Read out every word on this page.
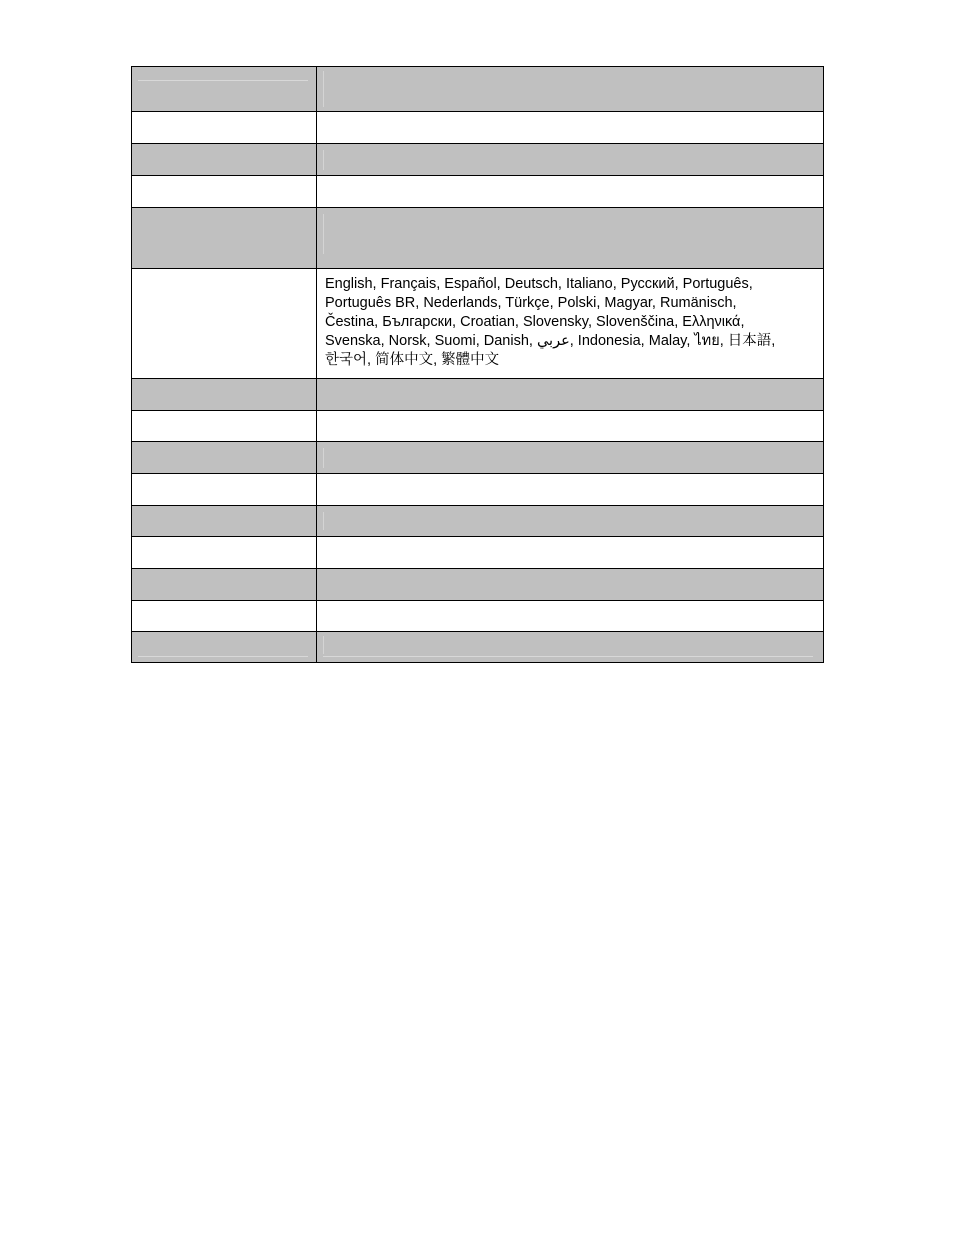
	English, Français, Español, Deutsch, Italiano, Русский, Português,
Português BR, Nederlands, Türkçe, Polski, Magyar, Rumänisch,
Čestina, Български, Croatian, Slovensky, Slovenščina, Ελληνικά,
Svenska, Norsk, Suomi, Danish, عربي, Indonesia, Malay, ไทย, 日本語,
한국어, 简体中文, 繁體中文
